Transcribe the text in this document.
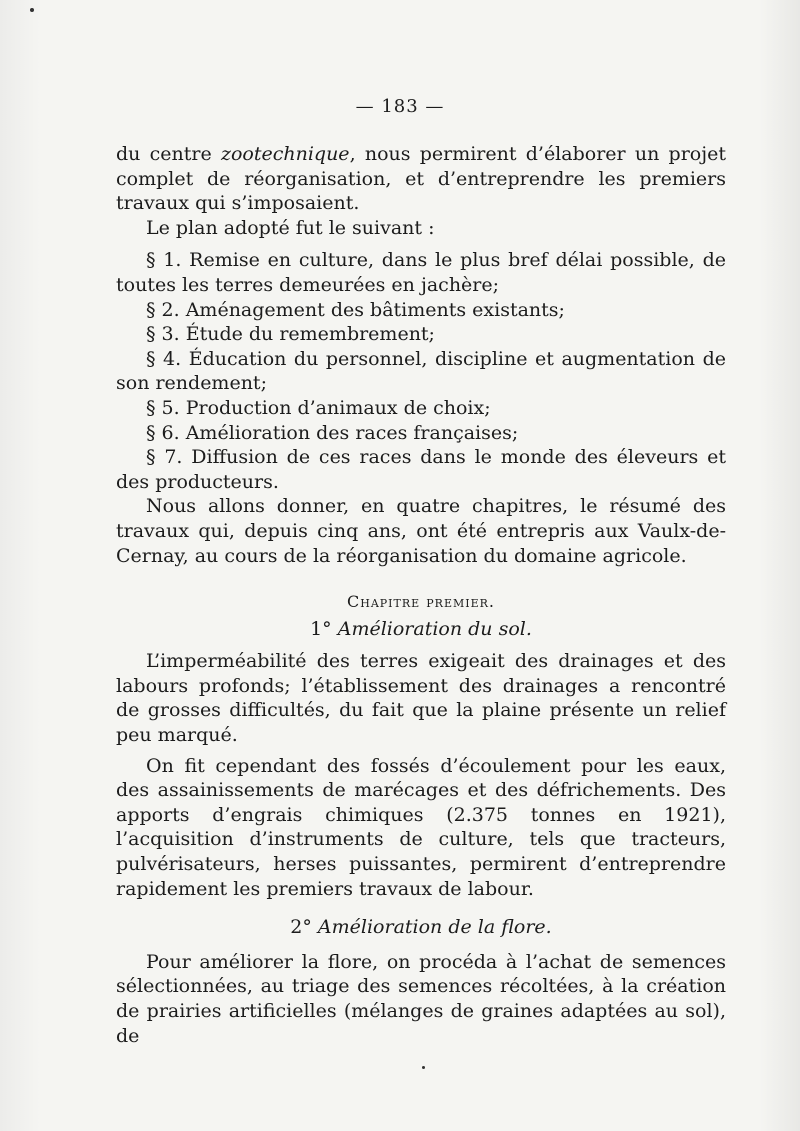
— 183 —

du centre zootechnique, nous permirent d’élaborer un projet complet de réorganisation, et d’entreprendre les premiers travaux qui s’imposaient.

Le plan adopté fut le suivant :

§ 1. Remise en culture, dans le plus bref délai possible, de toutes les terres demeurées en jachère;

§ 2. Aménagement des bâtiments existants;

§ 3. Étude du remembrement;

§ 4. Éducation du personnel, discipline et augmentation de son rendement;

§ 5. Production d’animaux de choix;

§ 6. Amélioration des races françaises;

§ 7. Diffusion de ces races dans le monde des éleveurs et des producteurs.

Nous allons donner, en quatre chapitres, le résumé des travaux qui, depuis cinq ans, ont été entrepris aux Vaulx-de-Cernay, au cours de la réorganisation du domaine agricole.

Chapitre premier.
1° Amélioration du sol.

L’imperméabilité des terres exigeait des drainages et des labours profonds; l’établissement des drainages a rencontré de grosses difficultés, du fait que la plaine présente un relief peu marqué.

On fit cependant des fossés d’écoulement pour les eaux, des assainissements de marécages et des défrichements. Des apports d’engrais chimiques (2.375 tonnes en 1921), l’acquisition d’instruments de culture, tels que tracteurs, pulvérisateurs, herses puissantes, permirent d’entreprendre rapidement les premiers travaux de labour.

2° Amélioration de la flore.

Pour améliorer la flore, on procéda à l’achat de semences sélectionnées, au triage des semences récoltées, à la création de prairies artificielles (mélanges de graines adaptées au sol), de
